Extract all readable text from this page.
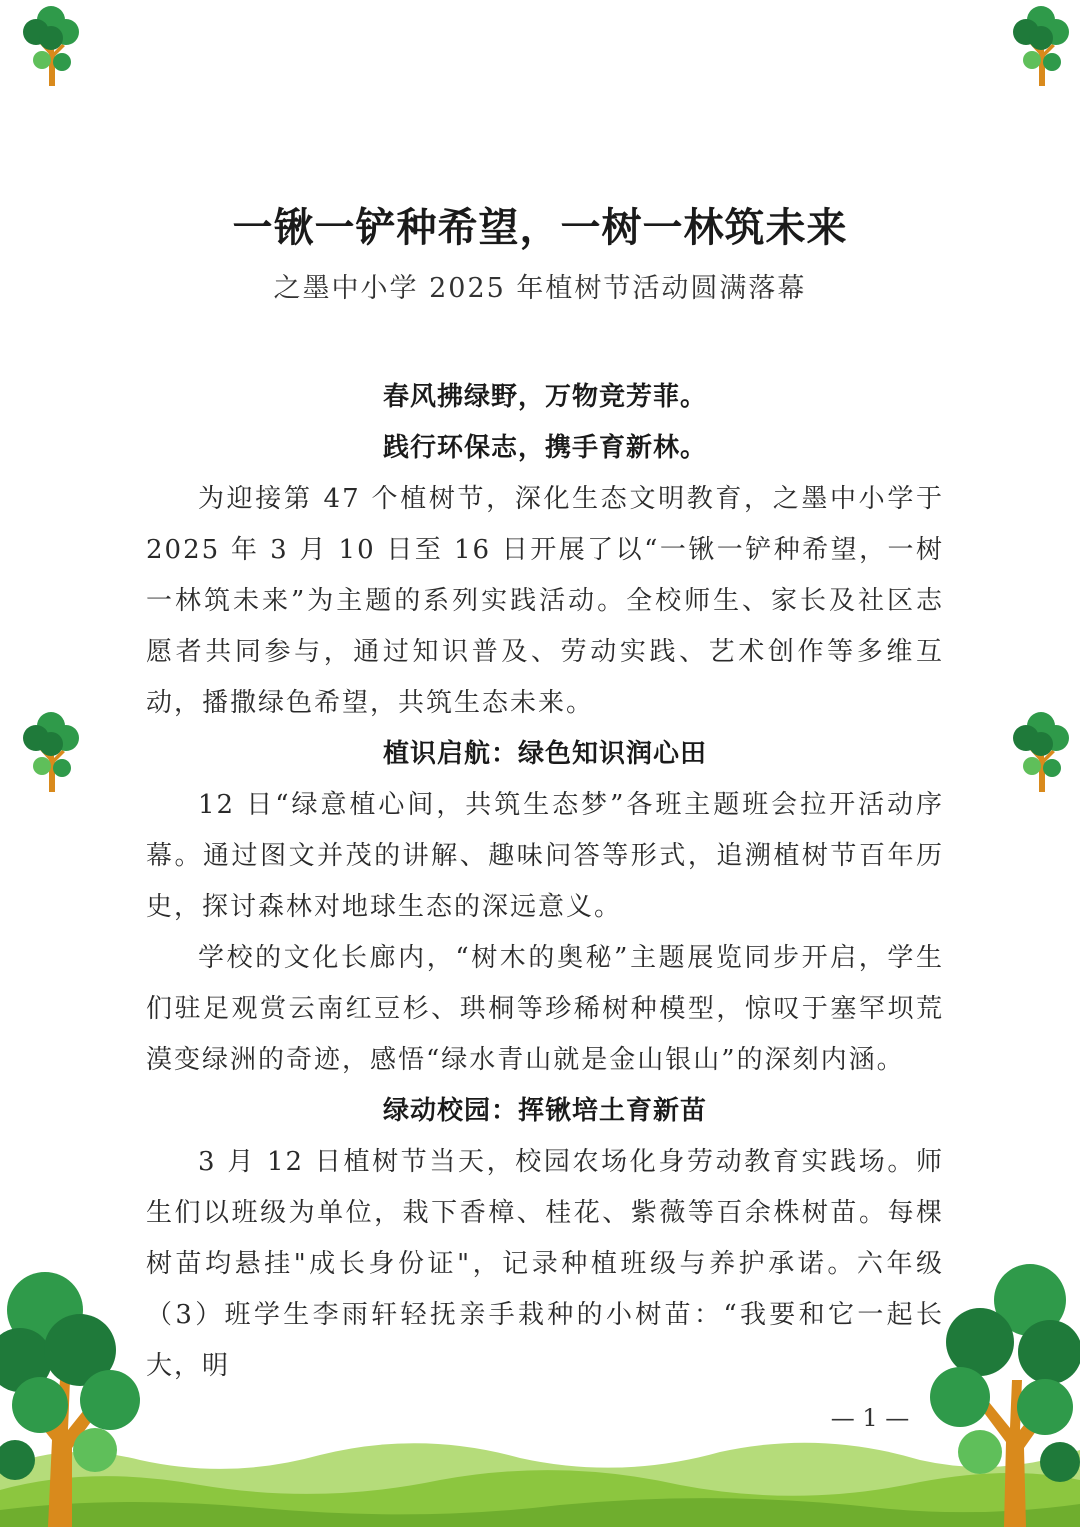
一锹一铲种希望，一树一林筑未来
之墨中小学 2025 年植树节活动圆满落幕

春风拂绿野，万物竞芳菲。

践行环保志，携手育新林。

为迎接第 47 个植树节，深化生态文明教育，之墨中小学于 2025 年 3 月 10 日至 16 日开展了以“一锹一铲种希望，一树一林筑未来”为主题的系列实践活动。全校师生、家长及社区志愿者共同参与，通过知识普及、劳动实践、艺术创作等多维互动，播撒绿色希望，共筑生态未来。

植识启航：绿色知识润心田

12 日“绿意植心间，共筑生态梦”各班主题班会拉开活动序幕。通过图文并茂的讲解、趣味问答等形式，追溯植树节百年历史，探讨森林对地球生态的深远意义。

学校的文化长廊内，“树木的奥秘”主题展览同步开启，学生们驻足观赏云南红豆杉、珙桐等珍稀树种模型，惊叹于塞罕坝荒漠变绿洲的奇迹，感悟“绿水青山就是金山银山”的深刻内涵。

绿动校园：挥锹培土育新苗

3 月 12 日植树节当天，校园农场化身劳动教育实践场。师生们以班级为单位，栽下香樟、桂花、紫薇等百余株树苗。每棵树苗均悬挂"成长身份证"，记录种植班级与养护承诺。六年级（3）班学生李雨轩轻抚亲手栽种的小树苗：“我要和它一起长大，明

— 1 —
